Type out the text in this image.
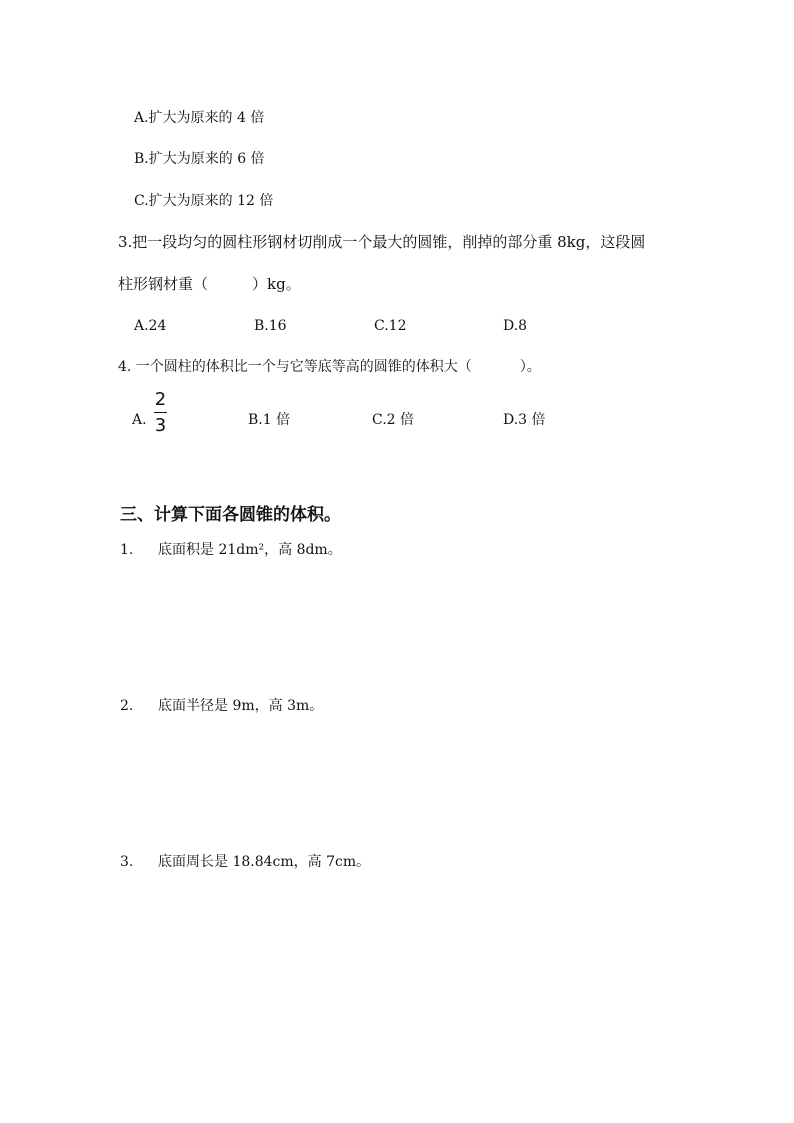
A.扩大为原来的 4 倍
B.扩大为原来的 6 倍
C.扩大为原来的 12 倍
3.把一段均匀的圆柱形钢材切削成一个最大的圆锥，削掉的部分重 8kg，这段圆
柱形钢材重（	）kg。
A.24	B.16	C.12	D.8
4. 一个圆柱的体积比一个与它等底等高的圆锥的体积大（	）。
A.
2
3	B.1 倍	C.2 倍	D.3 倍
三、计算下面各圆锥的体积。
1. 底面积是 21dm²，高 8dm。
2. 底面半径是 9m，高 3m。
3. 底面周长是 18.84cm，高 7cm。
